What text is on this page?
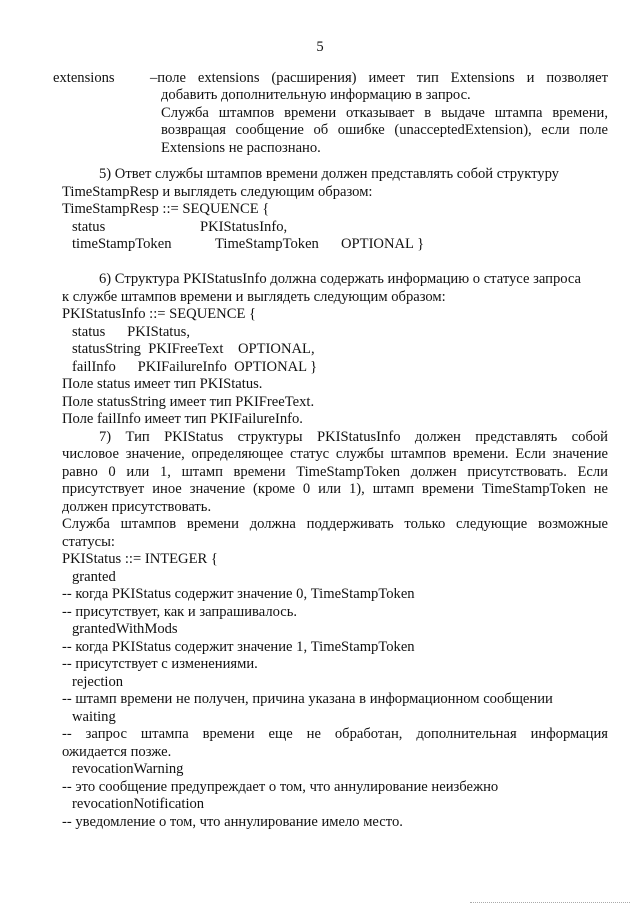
5
extensions –поле extensions (расширения) имеет тип Extensions и позволяет
добавить дополнительную информацию в запрос.
Служба штампов времени отказывает в выдаче штампа времени,
возвращая сообщение об ошибке (unacceptedExtension), если поле
Extensions не распознано.
5) Ответ службы штампов времени должен представлять собой структуру
TimeStampResp и выглядеть следующим образом:
TimeStampResp ::= SEQUENCE {
status	PKIStatusInfo,
timeStampToken	TimeStampToken OPTIONAL }
6) Структура PKIStatusInfo должна содержать информацию о статусе запроса
к службе штампов времени и выглядеть следующим образом:
PKIStatusInfo ::= SEQUENCE {
status      PKIStatus,
statusString  PKIFreeText    OPTIONAL,
failInfo      PKIFailureInfo  OPTIONAL }
Поле status имеет тип PKIStatus.
Поле statusString имеет тип PKIFreeText.
Поле failInfo имеет тип PKIFailureInfo.
7) Тип PKIStatus структуры PKIStatusInfo должен представлять собой
числовое значение, определяющее статус службы штампов времени. Если значение
равно 0 или 1, штамп времени TimeStampToken должен присутствовать. Если
присутствует иное значение (кроме 0 или 1), штамп времени TimeStampToken не
должен присутствовать.
Служба штампов времени должна поддерживать только следующие возможные
статусы:
PKIStatus ::= INTEGER {
granted
-- когда PKIStatus содержит значение 0, TimeStampToken
-- присутствует, как и запрашивалось.
grantedWithMods
-- когда PKIStatus содержит значение 1, TimeStampToken
-- присутствует с изменениями.
rejection
-- штамп времени не получен, причина указана в информационном сообщении
waiting
-- запрос штампа времени еще не обработан, дополнительная информация
ожидается позже.
revocationWarning
-- это сообщение предупреждает о том, что аннулирование неизбежно
revocationNotification
-- уведомление о том, что аннулирование имело место.
